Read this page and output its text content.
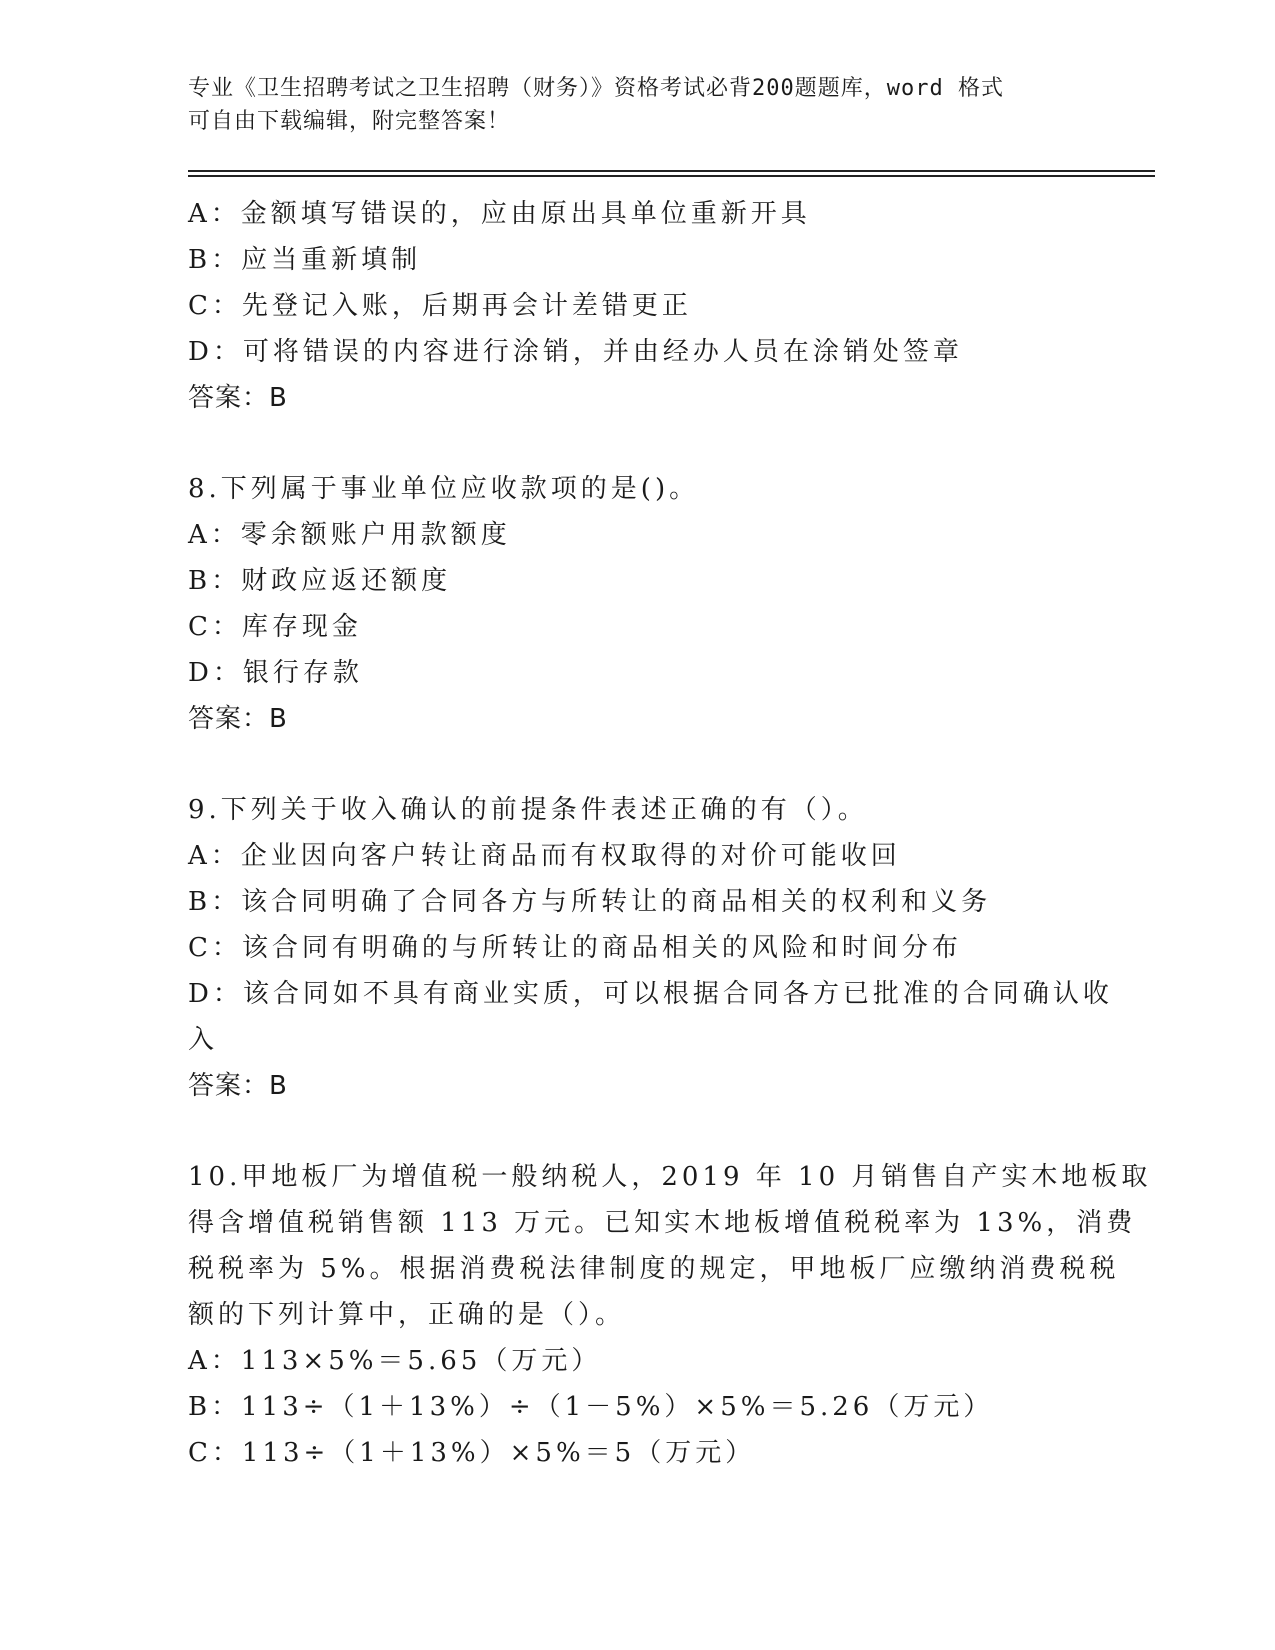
专业《卫生招聘考试之卫生招聘（财务）》资格考试必背200题题库，word 格式
可自由下载编辑，附完整答案！
A：金额填写错误的，应由原出具单位重新开具
B：应当重新填制
C：先登记入账，后期再会计差错更正
D：可将错误的内容进行涂销，并由经办人员在涂销处签章
答案：B
8.下列属于事业单位应收款项的是()。
A：零余额账户用款额度
B：财政应返还额度
C：库存现金
D：银行存款
答案：B
9.下列关于收入确认的前提条件表述正确的有（）。
A：企业因向客户转让商品而有权取得的对价可能收回
B：该合同明确了合同各方与所转让的商品相关的权利和义务
C：该合同有明确的与所转让的商品相关的风险和时间分布
D：该合同如不具有商业实质，可以根据合同各方已批准的合同确认收
入
答案：B
10.甲地板厂为增值税一般纳税人，2019 年 10 月销售自产实木地板取
得含增值税销售额 113 万元。已知实木地板增值税税率为 13%，消费
税税率为 5%。根据消费税法律制度的规定，甲地板厂应缴纳消费税税
额的下列计算中，正确的是（）。
A：113×5%＝5.65（万元）
B：113÷（1＋13%）÷（1－5%）×5%＝5.26（万元）
C：113÷（1＋13%）×5%＝5（万元）
